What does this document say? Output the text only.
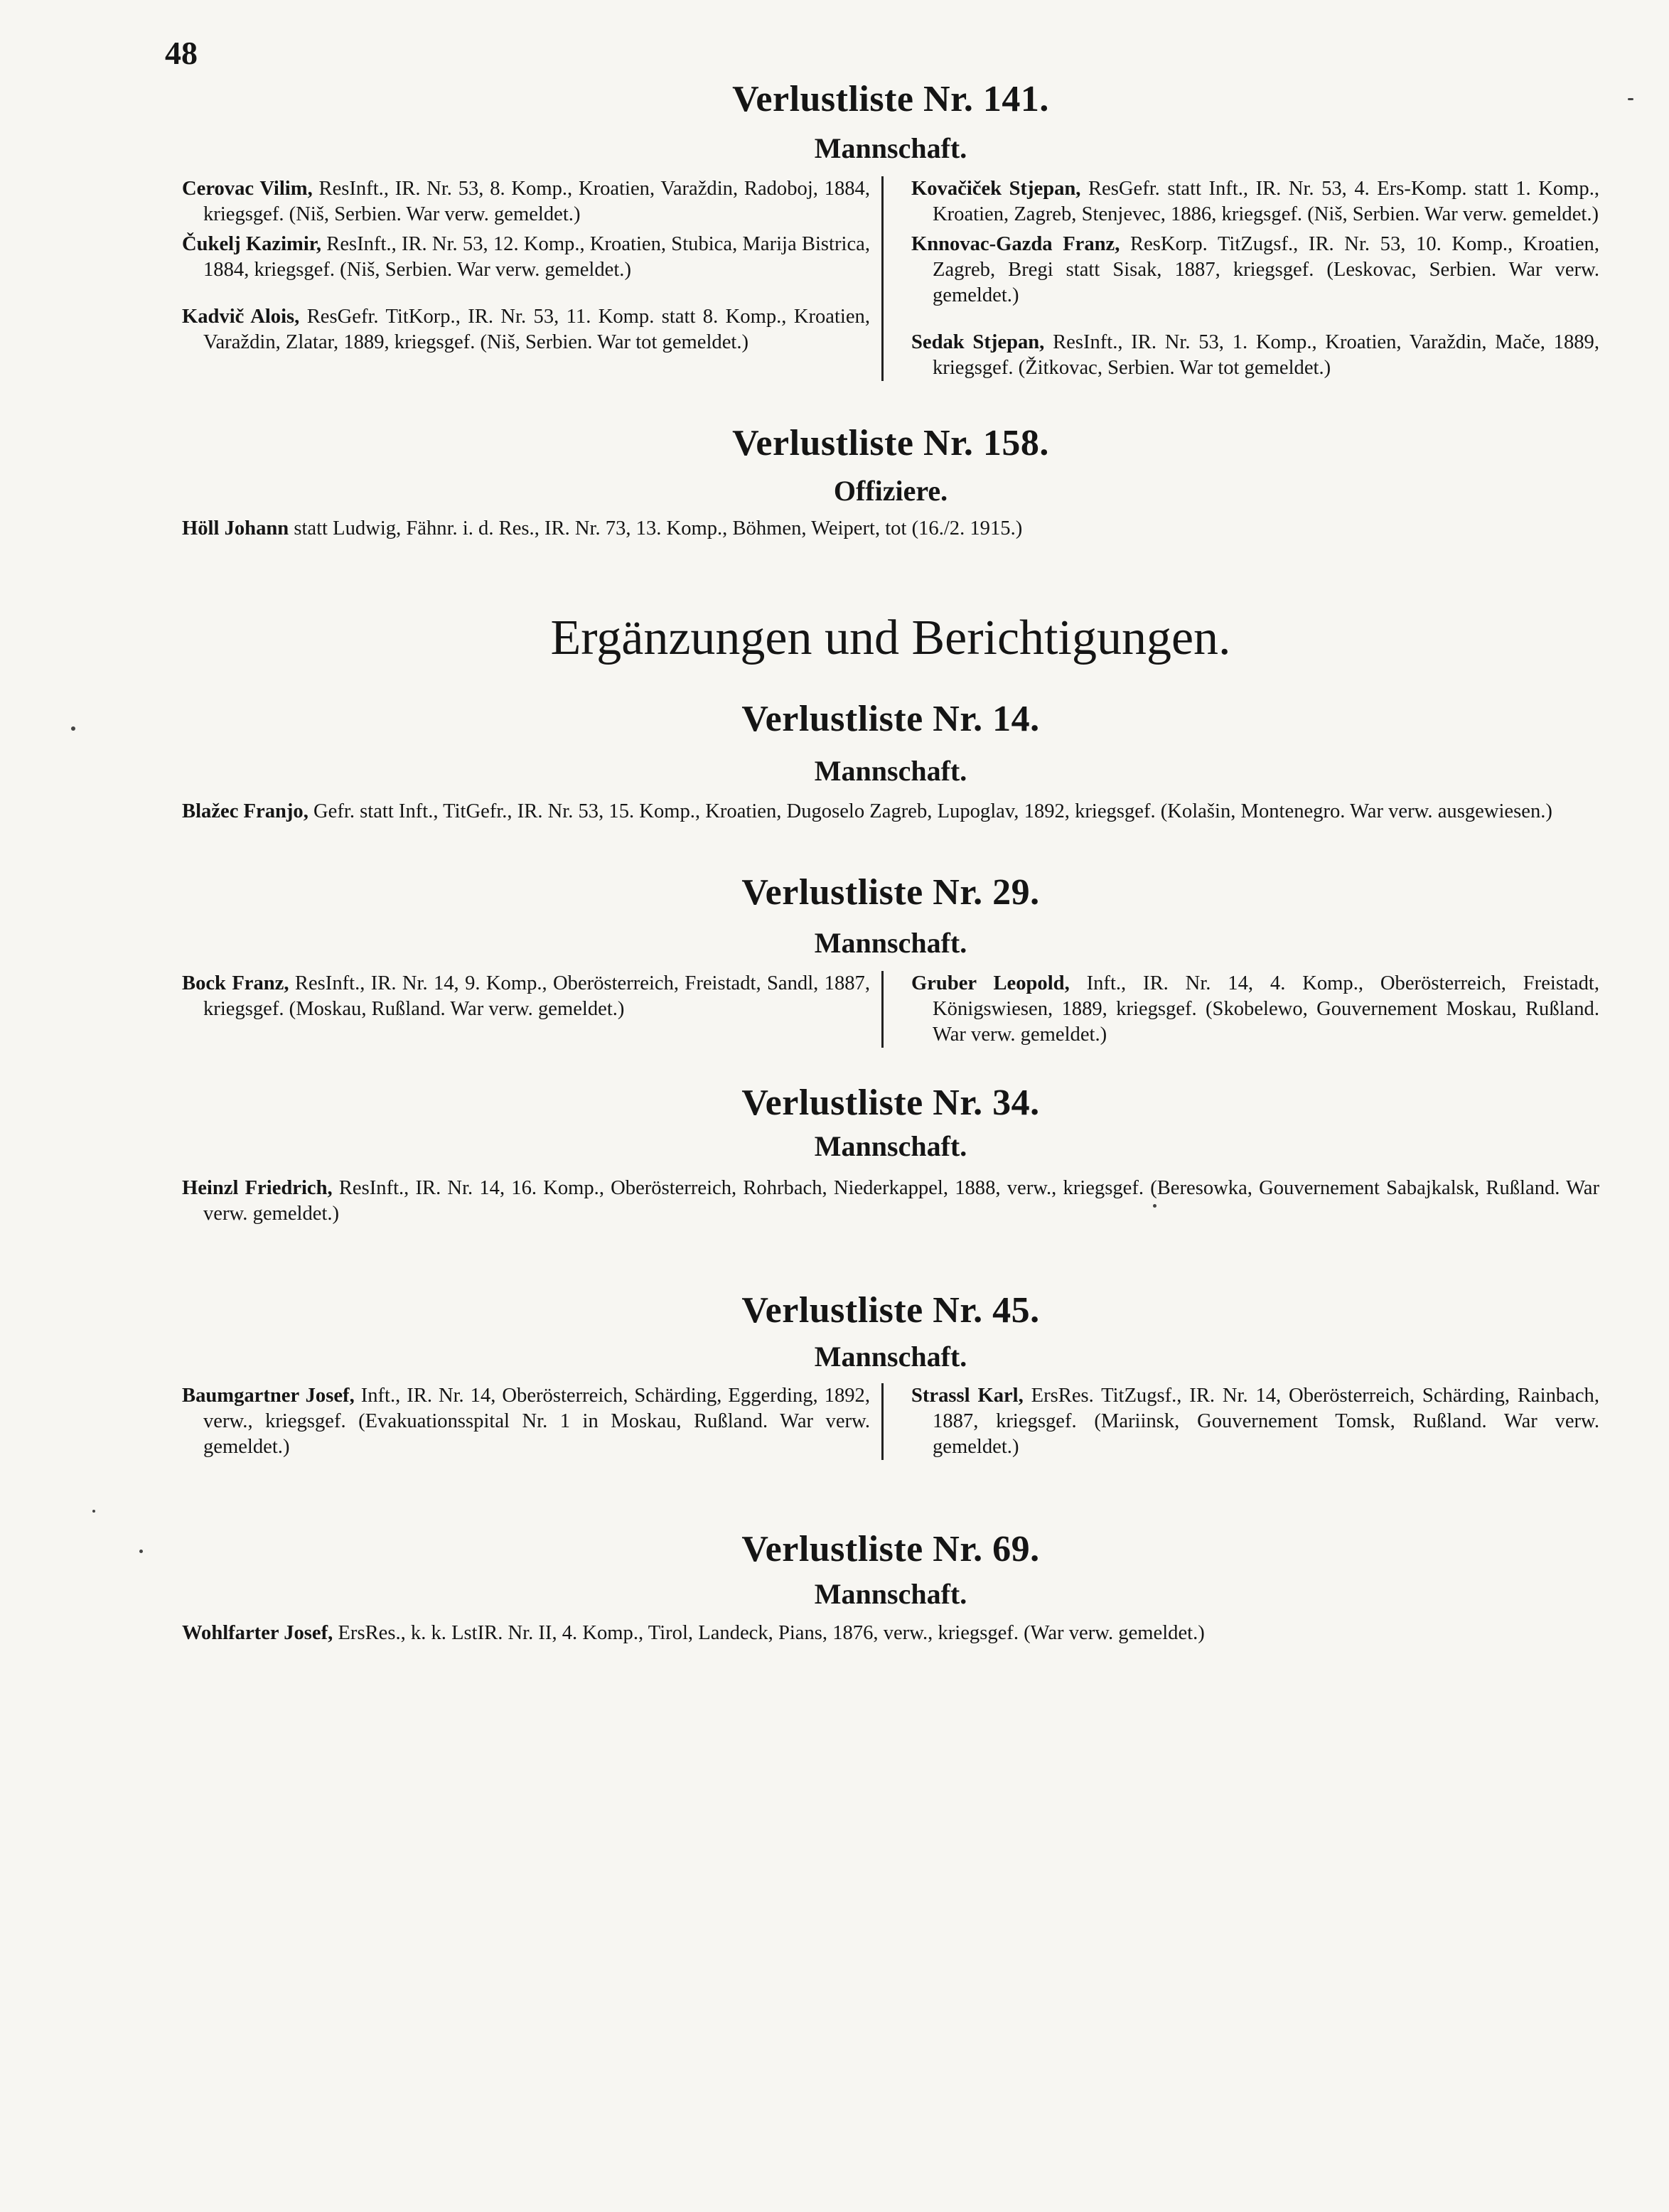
48
Verlustliste Nr. 141.
Mannschaft.

Cerovac Vilim, ResInft., IR. Nr. 53, 8. Komp., Kroatien, Varaždin, Radoboj, 1884, kriegsgef. (Niš, Serbien. War verw. gemeldet.)

Čukelj Kazimir, ResInft., IR. Nr. 53, 12. Komp., Kroatien, Stubica, Marija Bistrica, 1884, kriegsgef. (Niš, Serbien. War verw. gemeldet.)

Kadvič Alois, ResGefr. TitKorp., IR. Nr. 53, 11. Komp. statt 8. Komp., Kroatien, Varaždin, Zlatar, 1889, kriegsgef. (Niš, Serbien. War tot gemeldet.)

Kovačiček Stjepan, ResGefr. statt Inft., IR. Nr. 53, 4. Ers-Komp. statt 1. Komp., Kroatien, Zagreb, Stenjevec, 1886, kriegsgef. (Niš, Serbien. War verw. gemeldet.)

Knnovac-Gazda Franz, ResKorp. TitZugsf., IR. Nr. 53, 10. Komp., Kroatien, Zagreb, Bregi statt Sisak, 1887, kriegsgef. (Leskovac, Serbien. War verw. gemeldet.)

Sedak Stjepan, ResInft., IR. Nr. 53, 1. Komp., Kroatien, Varaždin, Mače, 1889, kriegsgef. (Žitkovac, Serbien. War tot gemeldet.)

Verlustliste Nr. 158.
Offiziere.

Höll Johann statt Ludwig, Fähnr. i. d. Res., IR. Nr. 73, 13. Komp., Böhmen, Weipert, tot (16./2. 1915.)

Ergänzungen und Berichtigungen.
Verlustliste Nr. 14.
Mannschaft.

Blažec Franjo, Gefr. statt Inft., TitGefr., IR. Nr. 53, 15. Komp., Kroatien, Dugoselo Zagreb, Lupoglav, 1892, kriegsgef. (Kolašin, Montenegro. War verw. ausgewiesen.)

Verlustliste Nr. 29.
Mannschaft.

Bock Franz, ResInft., IR. Nr. 14, 9. Komp., Oberösterreich, Freistadt, Sandl, 1887, kriegsgef. (Moskau, Rußland. War verw. gemeldet.)

Gruber Leopold, Inft., IR. Nr. 14, 4. Komp., Oberösterreich, Freistadt, Königswiesen, 1889, kriegsgef. (Skobelewo, Gouvernement Moskau, Rußland. War verw. gemeldet.)

Verlustliste Nr. 34.
Mannschaft.

Heinzl Friedrich, ResInft., IR. Nr. 14, 16. Komp., Oberösterreich, Rohrbach, Niederkappel, 1888, verw., kriegsgef. (Beresowka, Gouvernement Sabajkalsk, Rußland. War verw. gemeldet.)

Verlustliste Nr. 45.
Mannschaft.

Baumgartner Josef, Inft., IR. Nr. 14, Oberösterreich, Schärding, Eggerding, 1892, verw., kriegsgef. (Evakuationsspital Nr. 1 in Moskau, Rußland. War verw. gemeldet.)

Strassl Karl, ErsRes. TitZugsf., IR. Nr. 14, Oberösterreich, Schärding, Rainbach, 1887, kriegsgef. (Mariinsk, Gouvernement Tomsk, Rußland. War verw. gemeldet.)

Verlustliste Nr. 69.
Mannschaft.

Wohlfarter Josef, ErsRes., k. k. LstIR. Nr. II, 4. Komp., Tirol, Landeck, Pians, 1876, verw., kriegsgef. (War verw. gemeldet.)
